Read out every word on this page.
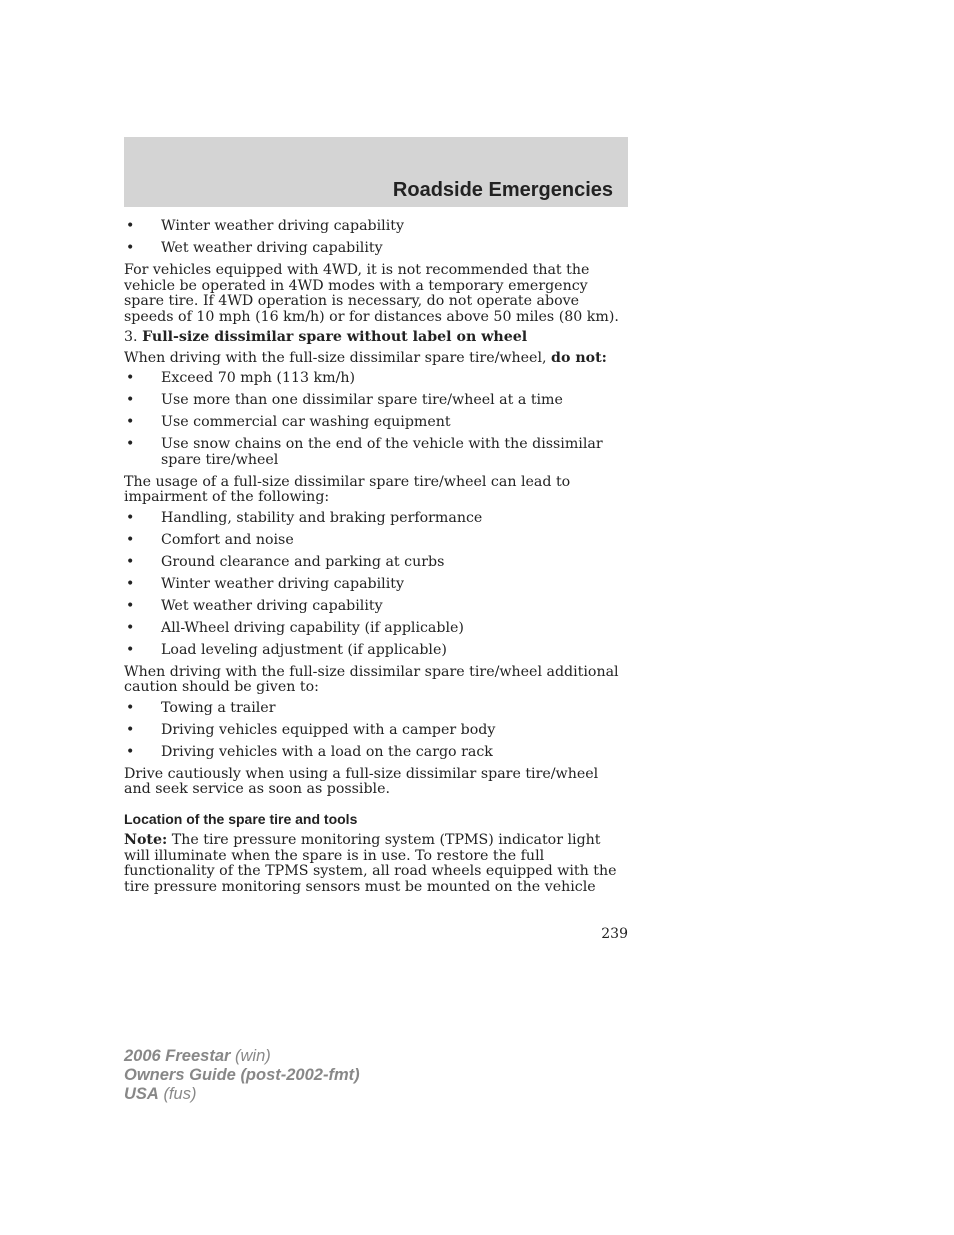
Roadside Emergencies
• Winter weather driving capability
• Wet weather driving capability

For vehicles equipped with 4WD, it is not recommended that the vehicle be operated in 4WD modes with a temporary emergency spare tire. If 4WD operation is necessary, do not operate above speeds of 10 mph (16 km/h) or for distances above 50 miles (80 km).

3. Full-size dissimilar spare without label on wheel

When driving with the full-size dissimilar spare tire/wheel, do not:

• Exceed 70 mph (113 km/h)
• Use more than one dissimilar spare tire/wheel at a time
• Use commercial car washing equipment
• Use snow chains on the end of the vehicle with the dissimilar spare tire/wheel

The usage of a full-size dissimilar spare tire/wheel can lead to impairment of the following:

• Handling, stability and braking performance
• Comfort and noise
• Ground clearance and parking at curbs
• Winter weather driving capability
• Wet weather driving capability
• All-Wheel driving capability (if applicable)
• Load leveling adjustment (if applicable)

When driving with the full-size dissimilar spare tire/wheel additional caution should be given to:

• Towing a trailer
• Driving vehicles equipped with a camper body
• Driving vehicles with a load on the cargo rack

Drive cautiously when using a full-size dissimilar spare tire/wheel and seek service as soon as possible.

Location of the spare tire and tools

Note: The tire pressure monitoring system (TPMS) indicator light will illuminate when the spare is in use. To restore the full functionality of the TPMS system, all road wheels equipped with the tire pressure monitoring sensors must be mounted on the vehicle

239
2006 Freestar (win)
Owners Guide (post-2002-fmt)
USA (fus)
